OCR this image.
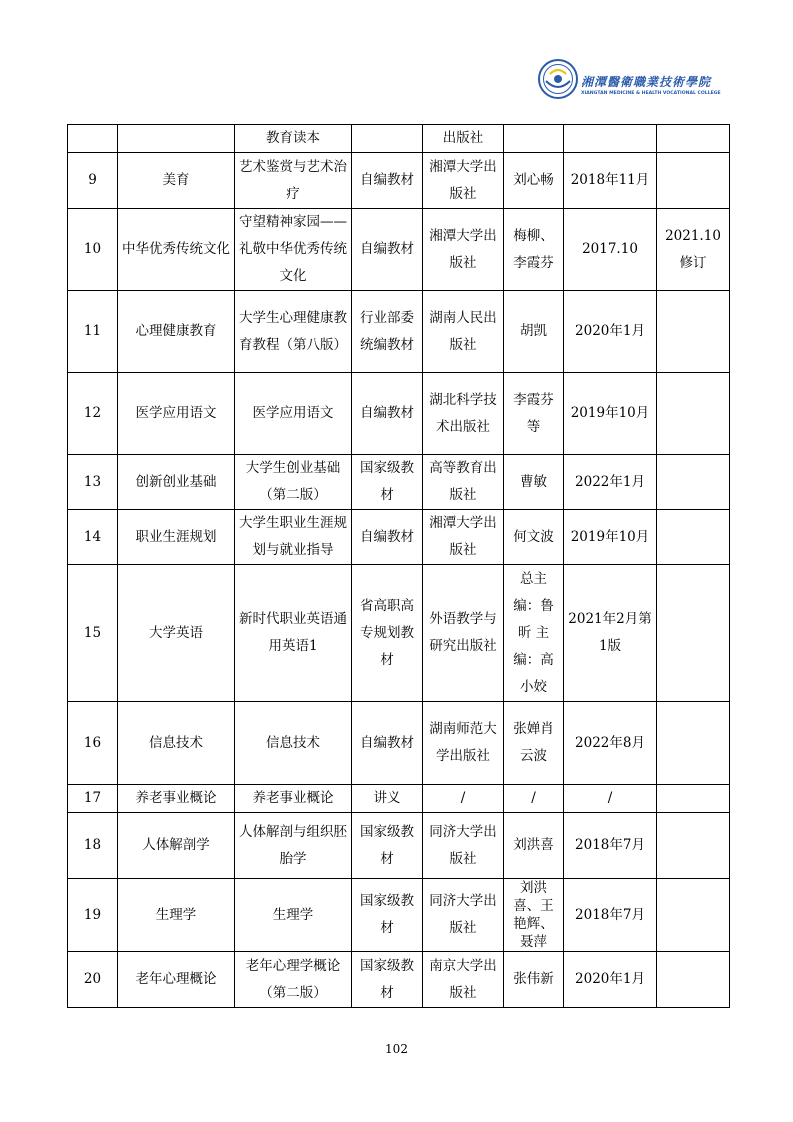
湘潭醫衛職業技術學院
XIANGTAN MEDICINE & HEALTH VOCATIONAL COLLEGE
		教育读本		出版社			
9	美育	艺术鉴赏与艺术治疗	自编教材	湘潭大学出版社	刘心畅	2018年11月	
10	中华优秀传统文化	守望精神家园——礼敬中华优秀传统文化	自编教材	湘潭大学出版社	梅柳、李霞芬	2017.10	2021.10修订
11	心理健康教育	大学生心理健康教育教程（第八版）	行业部委统编教材	湖南人民出版社	胡凯	2020年1月	
12	医学应用语文	医学应用语文	自编教材	湖北科学技术出版社	李霞芬等	2019年10月	
13	创新创业基础	大学生创业基础（第二版）	国家级教材	高等教育出版社	曹敏	2022年1月	
14	职业生涯规划	大学生职业生涯规划与就业指导	自编教材	湘潭大学出版社	何文波	2019年10月	
15	大学英语	新时代职业英语通用英语1	省高职高专规划教材	外语教学与研究出版社	总主编：鲁昕 主编：高小姣	2021年2月第1版	
16	信息技术	信息技术	自编教材	湖南师范大学出版社	张婵肖云波	2022年8月	
17	养老事业概论	养老事业概论	讲义	/	/	/	
18	人体解剖学	人体解剖与组织胚胎学	国家级教材	同济大学出版社	刘洪喜	2018年7月	
19	生理学	生理学	国家级教材	同济大学出版社	刘洪喜、王艳辉、聂萍	2018年7月	
20	老年心理概论	老年心理学概论（第二版）	国家级教材	南京大学出版社	张伟新	2020年1月	
102
